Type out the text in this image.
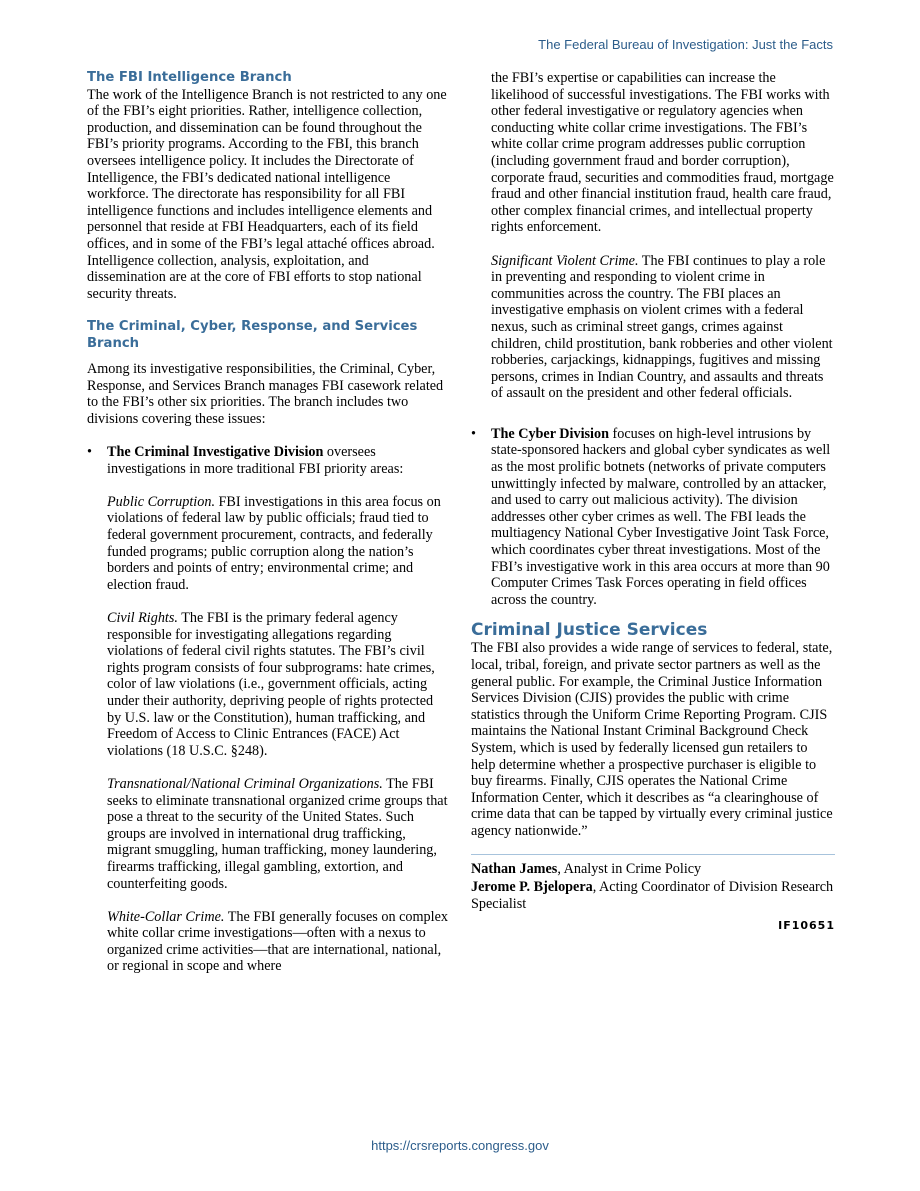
The Federal Bureau of Investigation: Just the Facts

The FBI Intelligence Branch

The work of the Intelligence Branch is not restricted to any one of the FBI’s eight priorities. Rather, intelligence collection, production, and dissemination can be found throughout the FBI’s priority programs. According to the FBI, this branch oversees intelligence policy. It includes the Directorate of Intelligence, the FBI’s dedicated national intelligence workforce. The directorate has responsibility for all FBI intelligence functions and includes intelligence elements and personnel that reside at FBI Headquarters, each of its field offices, and in some of the FBI’s legal attaché offices abroad. Intelligence collection, analysis, exploitation, and dissemination are at the core of FBI efforts to stop national security threats.

The Criminal, Cyber, Response, and Services Branch

Among its investigative responsibilities, the Criminal, Cyber, Response, and Services Branch manages FBI casework related to the FBI’s other six priorities. The branch includes two divisions covering these issues:

• The Criminal Investigative Division oversees investigations in more traditional FBI priority areas:

Public Corruption. FBI investigations in this area focus on violations of federal law by public officials; fraud tied to federal government procurement, contracts, and federally funded programs; public corruption along the nation’s borders and points of entry; environmental crime; and election fraud.

Civil Rights. The FBI is the primary federal agency responsible for investigating allegations regarding violations of federal civil rights statutes. The FBI’s civil rights program consists of four subprograms: hate crimes, color of law violations (i.e., government officials, acting under their authority, depriving people of rights protected by U.S. law or the Constitution), human trafficking, and Freedom of Access to Clinic Entrances (FACE) Act violations (18 U.S.C. §248).

Transnational/National Criminal Organizations. The FBI seeks to eliminate transnational organized crime groups that pose a threat to the security of the United States. Such groups are involved in international drug trafficking, migrant smuggling, human trafficking, money laundering, firearms trafficking, illegal gambling, extortion, and counterfeiting goods.

White-Collar Crime. The FBI generally focuses on complex white collar crime investigations—often with a nexus to organized crime activities—that are international, national, or regional in scope and where

the FBI’s expertise or capabilities can increase the likelihood of successful investigations. The FBI works with other federal investigative or regulatory agencies when conducting white collar crime investigations. The FBI’s white collar crime program addresses public corruption (including government fraud and border corruption), corporate fraud, securities and commodities fraud, mortgage fraud and other financial institution fraud, health care fraud, other complex financial crimes, and intellectual property rights enforcement.

Significant Violent Crime. The FBI continues to play a role in preventing and responding to violent crime in communities across the country. The FBI places an investigative emphasis on violent crimes with a federal nexus, such as criminal street gangs, crimes against children, child prostitution, bank robberies and other violent robberies, carjackings, kidnappings, fugitives and missing persons, crimes in Indian Country, and assaults and threats of assault on the president and other federal officials.

• The Cyber Division focuses on high-level intrusions by state-sponsored hackers and global cyber syndicates as well as the most prolific botnets (networks of private computers unwittingly infected by malware, controlled by an attacker, and used to carry out malicious activity). The division addresses other cyber crimes as well. The FBI leads the multiagency National Cyber Investigative Joint Task Force, which coordinates cyber threat investigations. Most of the FBI’s investigative work in this area occurs at more than 90 Computer Crimes Task Forces operating in field offices across the country.

Criminal Justice Services

The FBI also provides a wide range of services to federal, state, local, tribal, foreign, and private sector partners as well as the general public. For example, the Criminal Justice Information Services Division (CJIS) provides the public with crime statistics through the Uniform Crime Reporting Program. CJIS maintains the National Instant Criminal Background Check System, which is used by federally licensed gun retailers to help determine whether a prospective purchaser is eligible to buy firearms. Finally, CJIS operates the National Crime Information Center, which it describes as “a clearinghouse of crime data that can be tapped by virtually every criminal justice agency nationwide.”

Nathan James, Analyst in Crime Policy

Jerome P. Bjelopera, Acting Coordinator of Division Research Specialist

IF10651
https://crsreports.congress.gov
